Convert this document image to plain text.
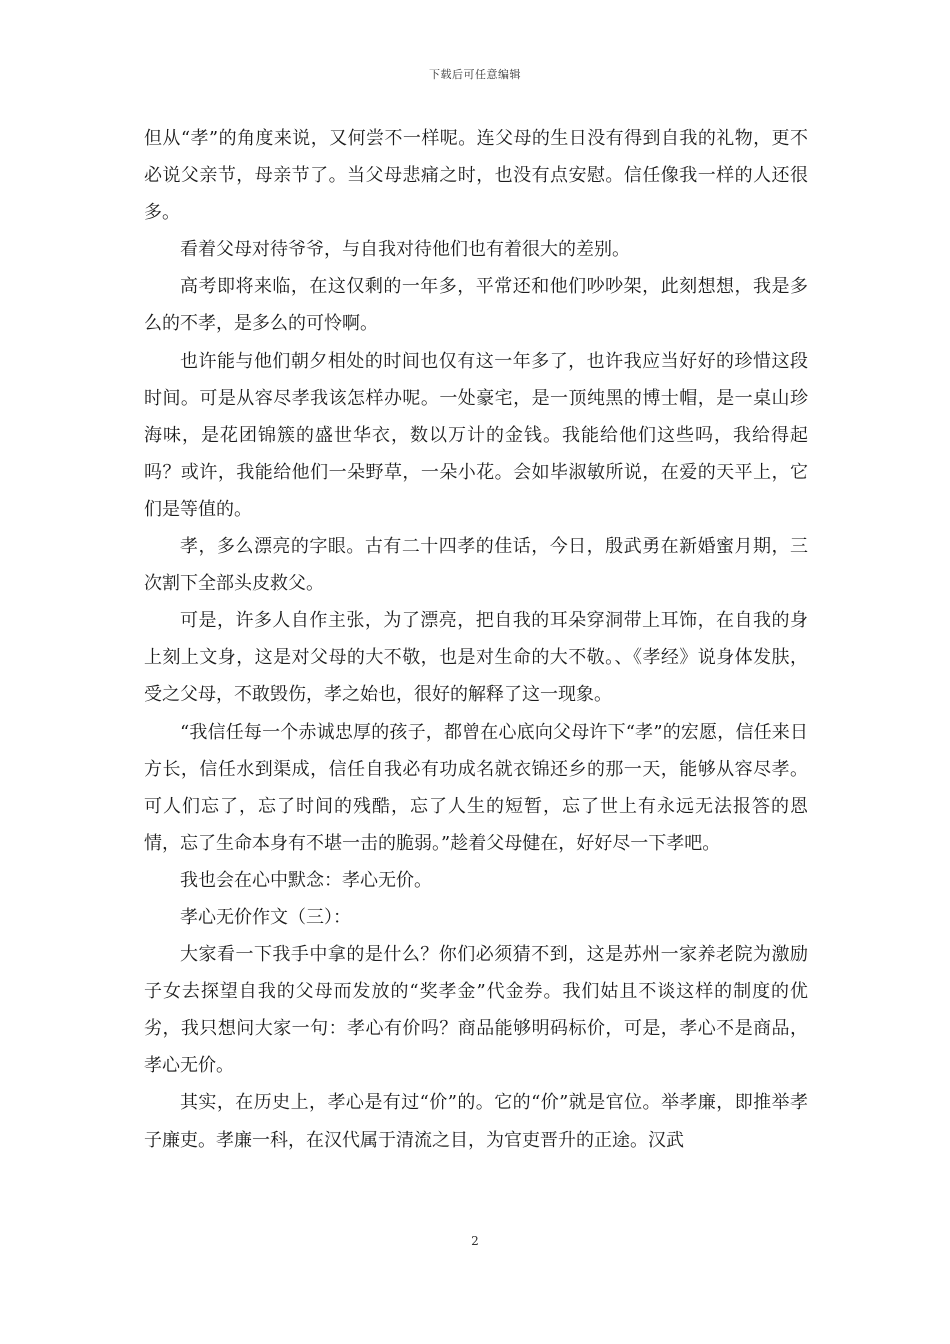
下载后可任意编辑

但从“孝”的角度来说，又何尝不一样呢。连父母的生日没有得到自我的礼物，更不必说父亲节，母亲节了。当父母悲痛之时，也没有点安慰。信任像我一样的人还很多。

看着父母对待爷爷，与自我对待他们也有着很大的差别。

高考即将来临，在这仅剩的一年多，平常还和他们吵吵架，此刻想想，我是多么的不孝，是多么的可怜啊。

也许能与他们朝夕相处的时间也仅有这一年多了，也许我应当好好的珍惜这段时间。可是从容尽孝我该怎样办呢。一处豪宅，是一顶纯黑的博士帽，是一桌山珍海味，是花团锦簇的盛世华衣，数以万计的金钱。我能给他们这些吗，我给得起吗？或许，我能给他们一朵野草，一朵小花。会如毕淑敏所说，在爱的天平上，它们是等值的。

孝，多么漂亮的字眼。古有二十四孝的佳话，今日，殷武勇在新婚蜜月期，三次割下全部头皮救父。

可是，许多人自作主张，为了漂亮，把自我的耳朵穿洞带上耳饰，在自我的身上刻上文身，这是对父母的大不敬，也是对生命的大不敬。、《孝经》说身体发肤，受之父母，不敢毁伤，孝之始也，很好的解释了这一现象。

“我信任每一个赤诚忠厚的孩子，都曾在心底向父母许下“孝”的宏愿，信任来日方长，信任水到渠成，信任自我必有功成名就衣锦还乡的那一天，能够从容尽孝。可人们忘了，忘了时间的残酷，忘了人生的短暂，忘了世上有永远无法报答的恩情，忘了生命本身有不堪一击的脆弱。”趁着父母健在，好好尽一下孝吧。

我也会在心中默念：孝心无价。

孝心无价作文（三）：

大家看一下我手中拿的是什么？你们必须猜不到，这是苏州一家养老院为激励子女去探望自我的父母而发放的“奖孝金”代金券。我们姑且不谈这样的制度的优劣，我只想问大家一句：孝心有价吗？商品能够明码标价，可是，孝心不是商品，孝心无价。

其实，在历史上，孝心是有过“价”的。它的“价”就是官位。举孝廉，即推举孝子廉吏。孝廉一科，在汉代属于清流之目，为官吏晋升的正途。汉武

2
